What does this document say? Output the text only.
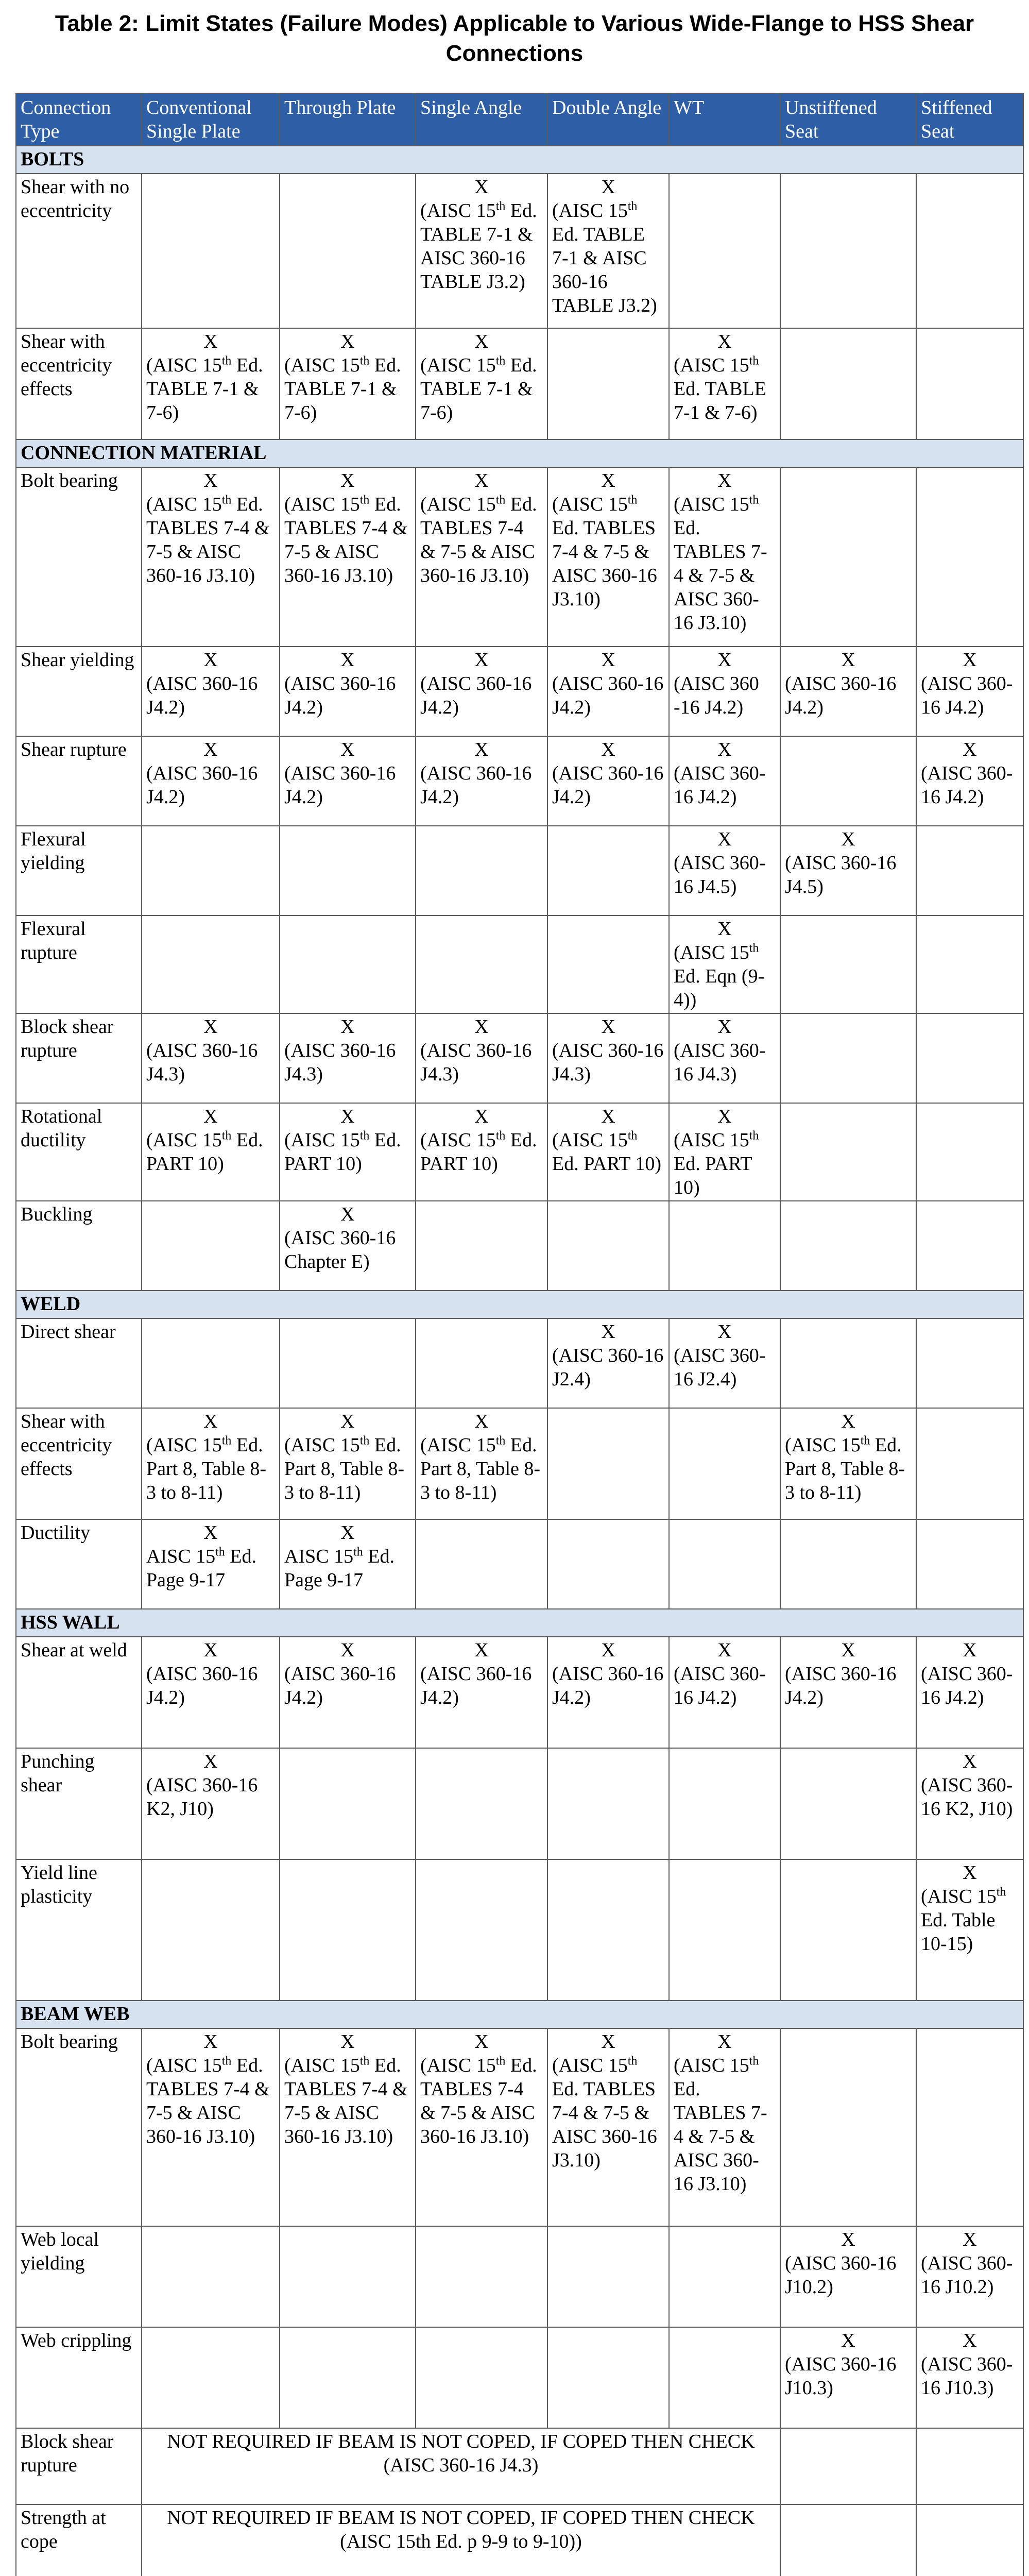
Table 2: Limit States (Failure Modes) Applicable to Various Wide-Flange to HSS Shear Connections
Connection Type	Conventional Single Plate	Through Plate	Single Angle	Double Angle	WT	Unstiffened Seat	Stiffened Seat
BOLTS							
Shear with no eccentricity			X
(AISC 15th Ed. TABLE 7-1 & AISC 360-16 TABLE J3.2)	X
(AISC 15th Ed. TABLE 7-1 & AISC 360-16 TABLE J3.2)			

Shear with eccentricity effects	X
(AISC 15th Ed. TABLE 7-1 & 7-6)	X
(AISC 15th Ed. TABLE 7-1 & 7-6)	X
(AISC 15th Ed. TABLE 7-1 & 7-6)		X
(AISC 15th Ed. TABLE 7-1 & 7-6)		

CONNECTION MATERIAL							
Bolt bearing	X
(AISC 15th Ed. TABLES 7-4 & 7-5 & AISC 360-16 J3.10)	X
(AISC 15th Ed. TABLES 7-4 & 7-5 & AISC 360-16 J3.10)	X
(AISC 15th Ed. TABLES 7-4 & 7-5 & AISC 360-16 J3.10)	X
(AISC 15th Ed. TABLES 7-4 & 7-5 & AISC 360-16 J3.10)	X
(AISC 15th Ed. TABLES 7-4 & 7-5 & AISC 360-16 J3.10)		

Shear yielding	X
(AISC 360-16 J4.2)	X
(AISC 360-16 J4.2)	X
(AISC 360-16 J4.2)	X
(AISC 360-16 J4.2)	X
(AISC 360 -16 J4.2)	X
(AISC 360-16 J4.2)	X
(AISC 360-16 J4.2)

Shear rupture	X
(AISC 360-16 J4.2)	X
(AISC 360-16 J4.2)	X
(AISC 360-16 J4.2)	X
(AISC 360-16 J4.2)	X
(AISC 360-16 J4.2)		X
(AISC 360-16 J4.2)

Flexural yielding					X
(AISC 360-16 J4.5)	X
(AISC 360-16 J4.5)	

Flexural rupture					X
(AISC 15th Ed. Eqn (9-4))		

Block shear rupture	X
(AISC 360-16 J4.3)	X
(AISC 360-16 J4.3)	X
(AISC 360-16 J4.3)	X
(AISC 360-16 J4.3)	X
(AISC 360-16 J4.3)		

Rotational ductility	X
(AISC 15th Ed. PART 10)	X
(AISC 15th Ed. PART 10)	X
(AISC 15th Ed. PART 10)	X
(AISC 15th Ed. PART 10)	X
(AISC 15th Ed. PART 10)		

Buckling		X
(AISC 360-16 Chapter E)					

WELD							
Direct shear				X
(AISC 360-16 J2.4)	X
(AISC 360-16 J2.4)		

Shear with eccentricity effects	X
(AISC 15th Ed. Part 8, Table 8-3 to 8-11)	X
(AISC 15th Ed. Part 8, Table 8-3 to 8-11)	X
(AISC 15th Ed. Part 8, Table 8-3 to 8-11)			X
(AISC 15th Ed. Part 8, Table 8-3 to 8-11)	

Ductility	X
AISC 15th Ed. Page 9-17	X
AISC 15th Ed. Page 9-17					

HSS WALL							
Shear at weld	X
(AISC 360-16 J4.2)	X
(AISC 360-16 J4.2)	X
(AISC 360-16 J4.2)	X
(AISC 360-16 J4.2)	X
(AISC 360-16 J4.2)	X
(AISC 360-16 J4.2)	X
(AISC 360-16 J4.2)

Punching shear	X
(AISC 360-16 K2, J10)						X
(AISC 360-16 K2, J10)

Yield line plasticity							X
(AISC 15th Ed. Table 10-15)

BEAM WEB							
Bolt bearing	X
(AISC 15th Ed. TABLES 7-4 & 7-5 & AISC 360-16 J3.10)	X
(AISC 15th Ed. TABLES 7-4 & 7-5 & AISC 360-16 J3.10)	X
(AISC 15th Ed. TABLES 7-4 & 7-5 & AISC 360-16 J3.10)	X
(AISC 15th Ed. TABLES 7-4 & 7-5 & AISC 360-16 J3.10)	X
(AISC 15th Ed. TABLES 7-4 & 7-5 & AISC 360-16 J3.10)		

Web local yielding						X
(AISC 360-16 J10.2)	X
(AISC 360-16 J10.2)

Web crippling						X
(AISC 360-16 J10.3)	X
(AISC 360-16 J10.3)

Block shear rupture	NOT REQUIRED IF BEAM IS NOT COPED, IF COPED THEN CHECK
(AISC 360-16 J4.3)						

Strength at cope	NOT REQUIRED IF BEAM IS NOT COPED, IF COPED THEN CHECK
(AISC 15th Ed. p 9-9 to 9-10))						
